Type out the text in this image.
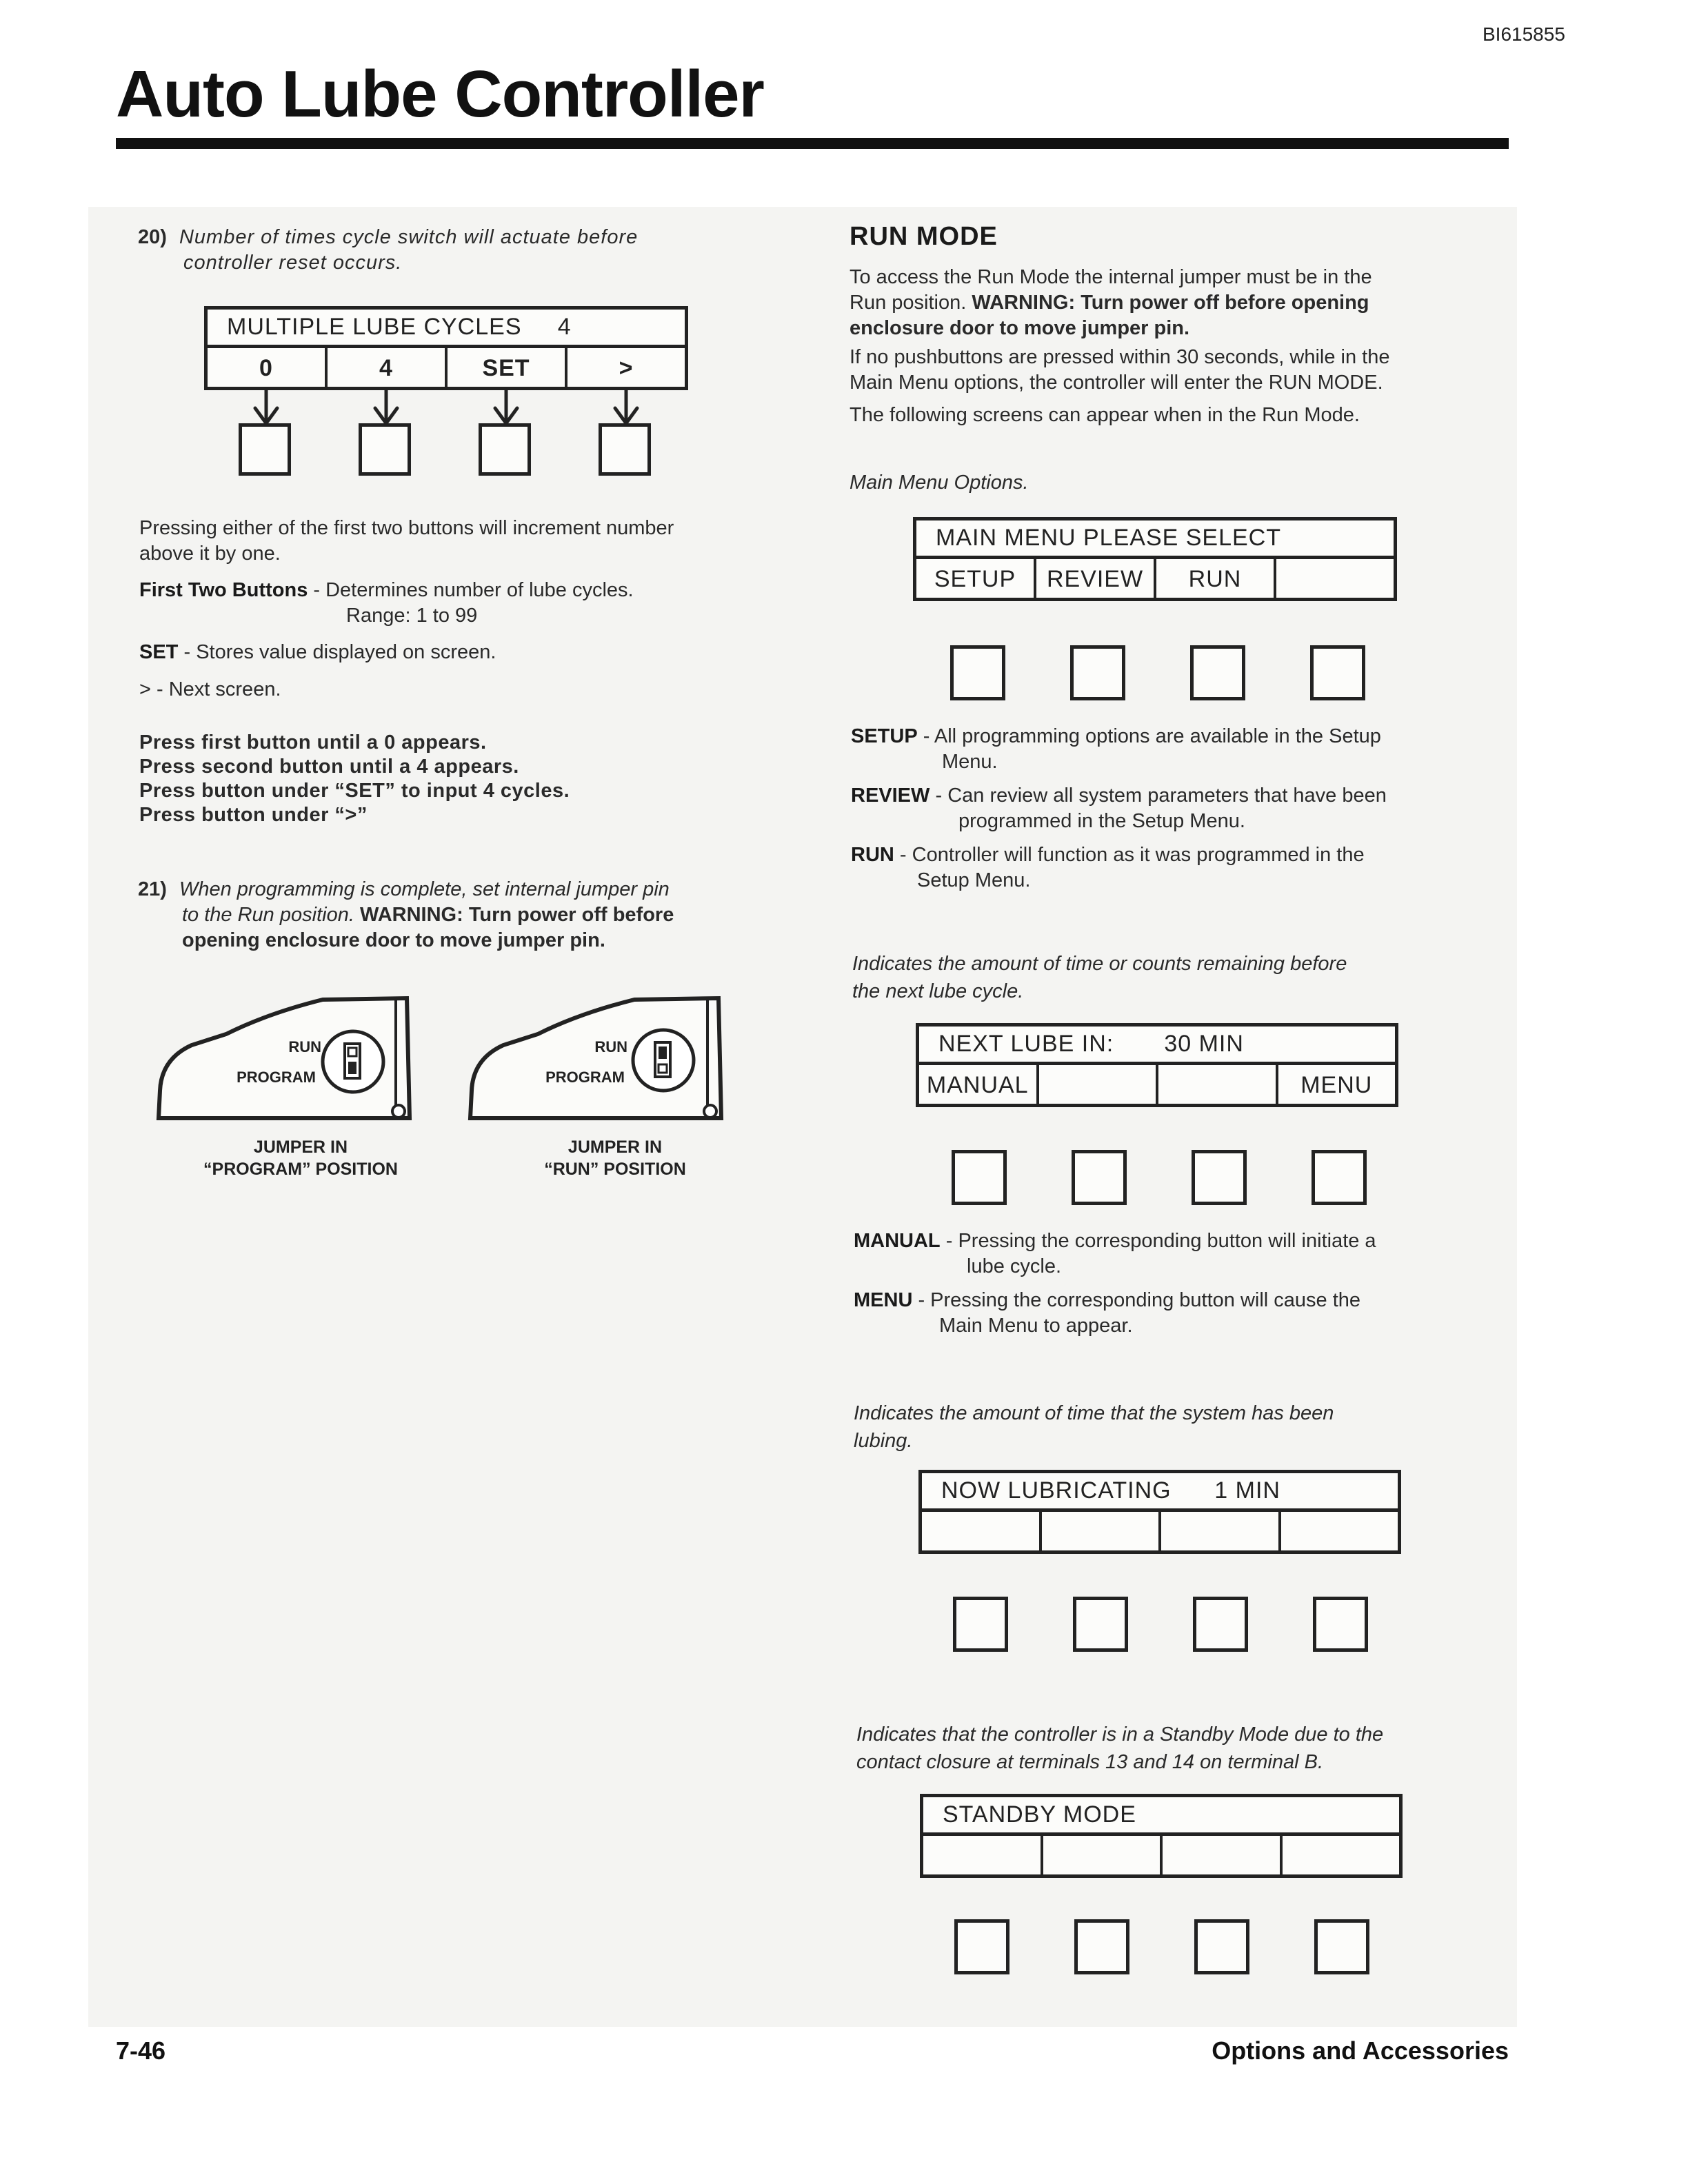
BI615855
Auto Lube Controller
20) Number of times cycle switch will actuate before
controller reset occurs.
MULTIPLE LUBE CYCLES     4
0	4	SET	>
Pressing either of the first two buttons will increment number
above it by one.
First Two Buttons - Determines number of lube cycles.
Range: 1 to 99
SET - Stores value displayed on screen.
> - Next screen.
Press first button until a 0 appears.
Press second button until a 4 appears.
Press button under “SET” to input 4 cycles.
Press button under “>”
21) When programming is complete, set internal jumper pin
to the Run position. WARNING: Turn power off before
opening enclosure door to move jumper pin.
RUN
PROGRAM
RUN
PROGRAM
JUMPER IN
“PROGRAM” POSITION
JUMPER IN
“RUN” POSITION
RUN MODE
To access the Run Mode the internal jumper must be in the
Run position. WARNING: Turn power off before opening
enclosure door to move jumper pin.
If no pushbuttons are pressed within 30 seconds, while in the
Main Menu options, the controller will enter the RUN MODE.
The following screens can appear when in the Run Mode.
Main Menu Options.
MAIN MENU PLEASE SELECT
SETUP	REVIEW	RUN
SETUP - All programming options are available in the Setup
Menu.
REVIEW - Can review all system parameters that have been
programmed in the Setup Menu.
RUN - Controller will function as it was programmed in the
Setup Menu.
Indicates the amount of time or counts remaining before
the next lube cycle.
NEXT LUBE IN:       30 MIN
MANUAL	MENU
MANUAL - Pressing the corresponding button will initiate a
lube cycle.
MENU - Pressing the corresponding button will cause the
Main Menu to appear.
Indicates the amount of time that the system has been
lubing.
NOW LUBRICATING      1 MIN
Indicates that the controller is in a Standby Mode due to the
contact closure at terminals 13 and 14 on terminal B.
STANDBY MODE
7-46	Options and Accessories
